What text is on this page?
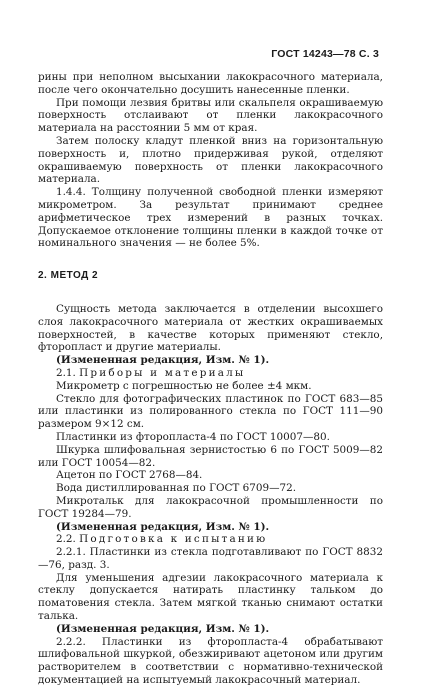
ГОСТ 14243—78 С. 3

рины при неполном высыхании лакокрасочного материала, после чего окончательно досушить нанесенные пленки.

При помощи лезвия бритвы или скальпеля окрашиваемую поверхность отслаивают от пленки лакокрасочного материала на расстоянии 5 мм от края.

Затем полоску кладут пленкой вниз на горизонтальную поверхность и, плотно придерживая рукой, отделяют окрашиваемую поверхность от пленки лакокрасочного материала.

1.4.4. Толщину полученной свободной пленки измеряют микрометром. За результат принимают среднее арифметическое трех измерений в разных точках. Допускаемое отклонение толщины пленки в каждой точке от номинального значения — не более 5%.

2. МЕТОД 2

Сущность метода заключается в отделении высохшего слоя лакокрасочного материала от жестких окрашиваемых поверхностей, в качестве которых применяют стекло, фторопласт и другие материалы.

(Измененная редакция, Изм. № 1).

2.1. Приборы и материалы

Микрометр с погрешностью не более ±4 мкм.

Стекло для фотографических пластинок по ГОСТ 683—85 или пластинки из полированного стекла по ГОСТ 111—90 размером 9×12 см.

Пластинки из фторопласта-4 по ГОСТ 10007—80.

Шкурка шлифовальная зернистостью 6 по ГОСТ 5009—82 или ГОСТ 10054—82.

Ацетон по ГОСТ 2768—84.

Вода дистиллированная по ГОСТ 6709—72.

Микротальк для лакокрасочной промышленности по ГОСТ 19284—79.

(Измененная редакция, Изм. № 1).

2.2. Подготовка к испытанию

2.2.1. Пластинки из стекла подготавливают по ГОСТ 8832—76, разд. 3.

Для уменьшения адгезии лакокрасочного материала к стеклу допускается натирать пластинку тальком до поматовения стекла. Затем мягкой тканью снимают остатки талька.

(Измененная редакция, Изм. № 1).

2.2.2. Пластинки из фторопласта-4 обрабатывают шлифовальной шкуркой, обезжиривают ацетоном или другим растворителем в соответствии с нормативно-технической документацией на испытуемый лакокрасочный материал.
